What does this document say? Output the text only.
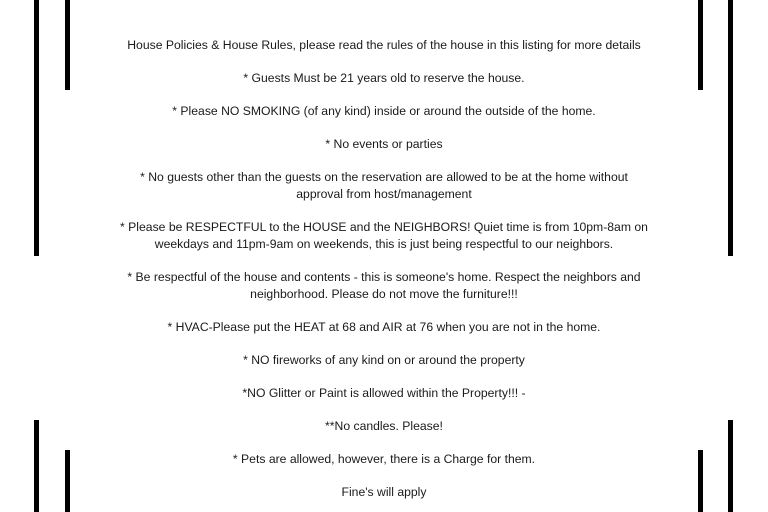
House Policies & House Rules, please read the rules of the house in this listing for more details

* Guests Must be 21 years old to reserve the house.

* Please NO SMOKING (of any kind) inside or around the outside of the home.

* No events or parties

* No guests other than the guests on the reservation are allowed to be at the home without approval from host/management

* Please be RESPECTFUL to the HOUSE and the NEIGHBORS! Quiet time is from 10pm-8am on weekdays and 11pm-9am on weekends, this is just being respectful to our neighbors.

* Be respectful of the house and contents - this is someone's home. Respect the neighbors and neighborhood. Please do not move the furniture!!!

* HVAC-Please put the HEAT at 68 and AIR at 76 when you are not in the home.

* NO fireworks of any kind on or around the property

*NO Glitter or Paint is allowed within the Property!!! -

**No candles. Please!

* Pets are allowed, however, there is a Charge for them.

Fine's will apply
